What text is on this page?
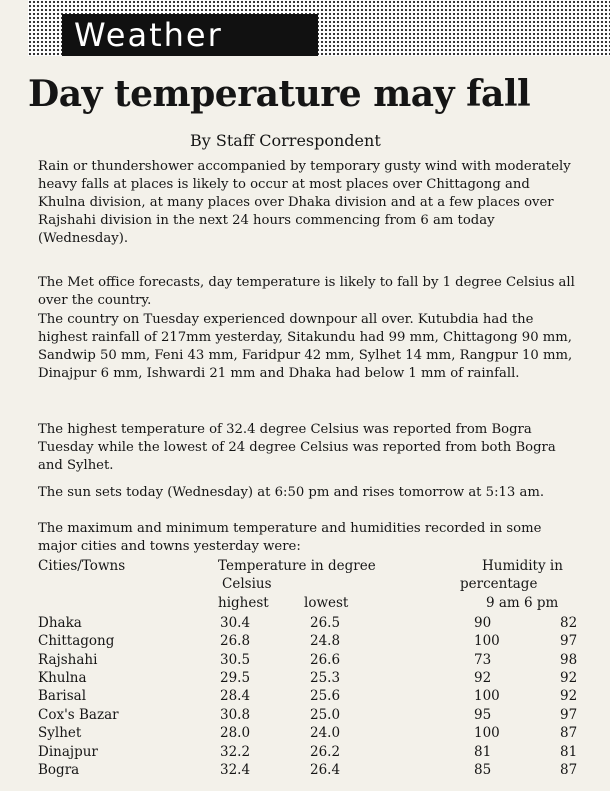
Weather
Day temperature may fall
By Staff Correspondent

Rain or thundershower accompanied by temporary gusty wind with moderately heavy falls at places is likely to occur at most places over Chittagong and Khulna division, at many places over Dhaka division and at a few places over Rajshahi division in the next 24 hours commencing from 6 am today (Wednesday).

The Met office forecasts, day temperature is likely to fall by 1 degree Celsius all over the country.

The country on Tuesday experienced downpour all over. Kutubdia had the highest rainfall of 217mm yesterday, Sitakundu had 99 mm, Chittagong 90 mm, Sandwip 50 mm, Feni 43 mm, Faridpur 42 mm, Sylhet 14 mm, Rangpur 10 mm, Dinajpur 6 mm, Ishwardi 21 mm and Dhaka had below 1 mm of rainfall.

The highest temperature of 32.4 degree Celsius was reported from Bogra Tuesday while the lowest of 24 degree Celsius was reported from both Bogra and Sylhet.

The sun sets today (Wednesday) at 6:50 pm and rises tomorrow at 5:13 am.

The maximum and minimum temperature and humidities recorded in some major cities and towns yesterday were:

Cities/Towns	Temperature in degree
Celsius
highest	lowest
Humidity in
percentage
9 am 6 pm
Dhaka	30.4	26.5	90	82
Chittagong	26.8	24.8	100	97
Rajshahi	30.5	26.6	73	98
Khulna	29.5	25.3	92	92
Barisal	28.4	25.6	100	92
Cox's Bazar	30.8	25.0	95	97
Sylhet	28.0	24.0	100	87
Dinajpur	32.2	26.2	81	81
Bogra	32.4	26.4	85	87
